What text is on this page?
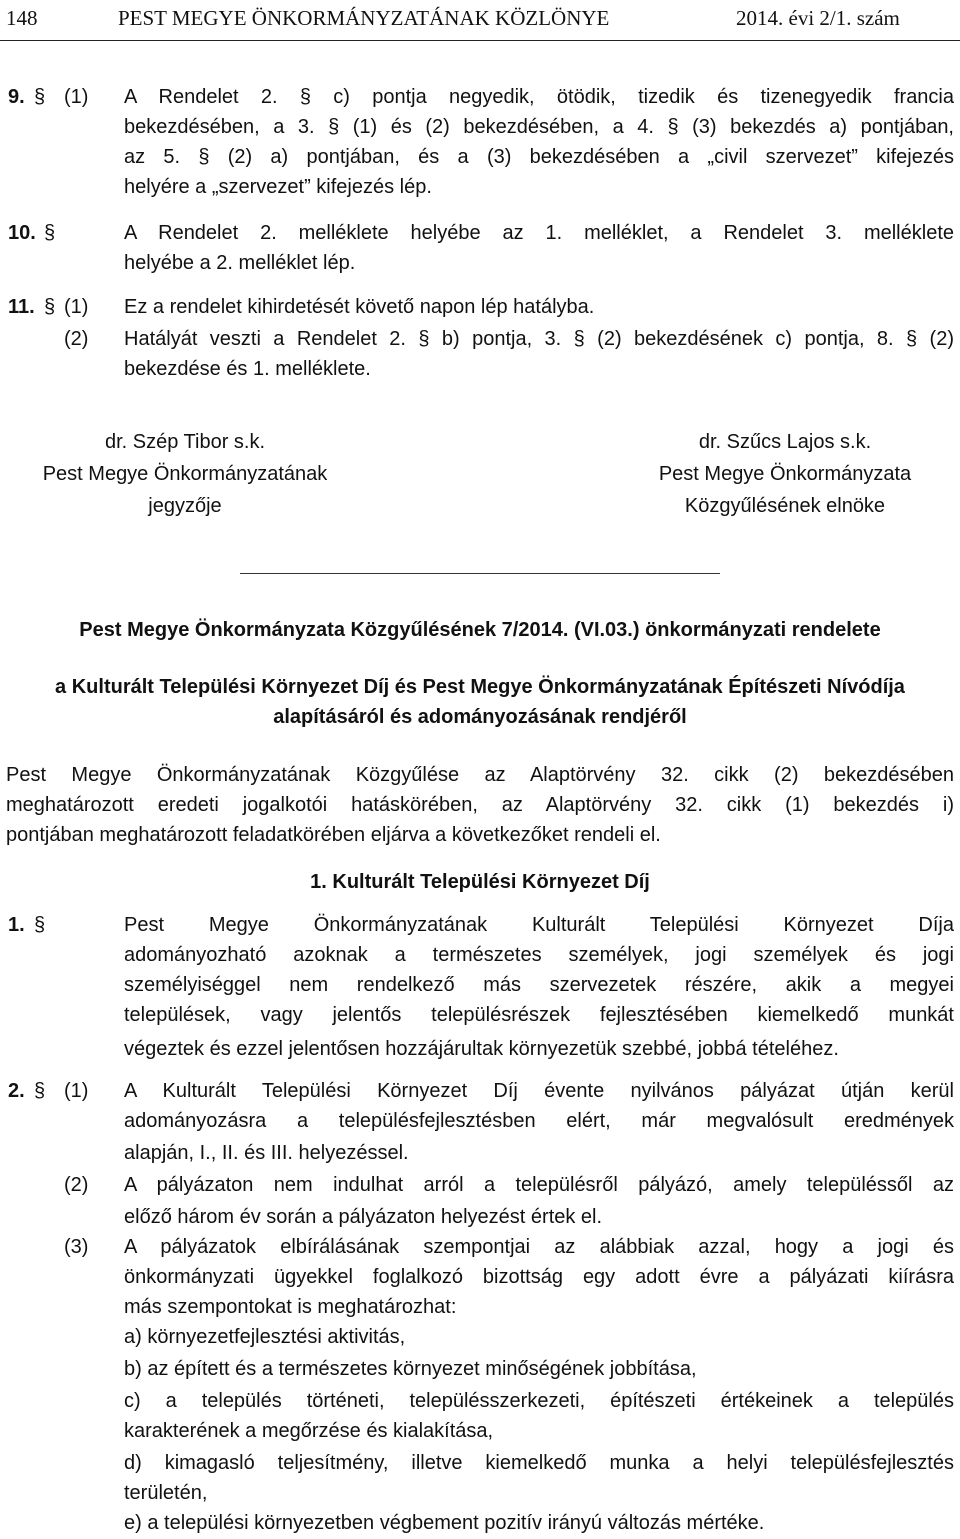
148	PEST MEGYE ÖNKORMÁNYZATÁNAK KÖZLÖNYE	2014. évi 2/1. szám
9. § (1) A Rendelet 2. § c) pontja negyedik, ötödik, tizedik és tizenegyedik francia
bekezdésében, a 3. § (1) és (2) bekezdésében, a 4. § (3) bekezdés a) pontjában,
az 5. § (2) a) pontjában, és a (3) bekezdésében a „civil szervezet” kifejezés
helyére a „szervezet” kifejezés lép.
10. §	A Rendelet 2. melléklete helyébe az 1. melléklet, a Rendelet 3. melléklete
helyébe a 2. melléklet lép.
11. § (1) Ez a rendelet kihirdetését követő napon lép hatályba.
(2) Hatályát veszti a Rendelet 2. § b) pontja, 3. § (2) bekezdésének c) pontja, 8. § (2)
bekezdése és 1. melléklete.
dr. Szép Tibor s.k.
Pest Megye Önkormányzatának
jegyzője
dr. Szűcs Lajos s.k.
Pest Megye Önkormányzata
Közgyűlésének elnöke
Pest Megye Önkormányzata Közgyűlésének 7/2014. (VI.03.) önkormányzati rendelete
a Kulturált Települési Környezet Díj és Pest Megye Önkormányzatának Építészeti Nívódíja
alapításáról és adományozásának rendjéről
Pest Megye Önkormányzatának Közgyűlése az Alaptörvény 32. cikk (2) bekezdésében
meghatározott eredeti jogalkotói hatáskörében, az Alaptörvény 32. cikk (1) bekezdés i)
pontjában meghatározott feladatkörében eljárva a következőket rendeli el.
1. Kulturált Települési Környezet Díj
1. §	Pest Megye Önkormányzatának Kulturált Települési Környezet Díja
adományozható azoknak a természetes személyek, jogi személyek és jogi
személyiséggel nem rendelkező más szervezetek részére, akik a megyei
települések, vagy jelentős településrészek fejlesztésében kiemelkedő munkát
végeztek és ezzel jelentősen hozzájárultak környezetük szebbé, jobbá tételéhez.
2. § (1) A Kulturált Települési Környezet Díj évente nyilvános pályázat útján kerül
adományozásra a településfejlesztésben elért, már megvalósult eredmények
alapján, I., II. és III. helyezéssel.
(2) A pályázaton nem indulhat arról a településről pályázó, amely településsől az
előző három év során a pályázaton helyezést értek el.
(3) A pályázatok elbírálásának szempontjai az alábbiak azzal, hogy a jogi és
önkormányzati ügyekkel foglalkozó bizottság egy adott évre a pályázati kiírásra
más szempontokat is meghatározhat:
a) környezetfejlesztési aktivitás,
b) az épített és a természetes környezet minőségének jobbítása,
c) a település történeti, településszerkezeti, építészeti értékeinek a település
karakterének a megőrzése és kialakítása,
d) kimagasló teljesítmény, illetve kiemelkedő munka a helyi településfejlesztés
területén,
e) a települési környezetben végbement pozitív irányú változás mértéke.
